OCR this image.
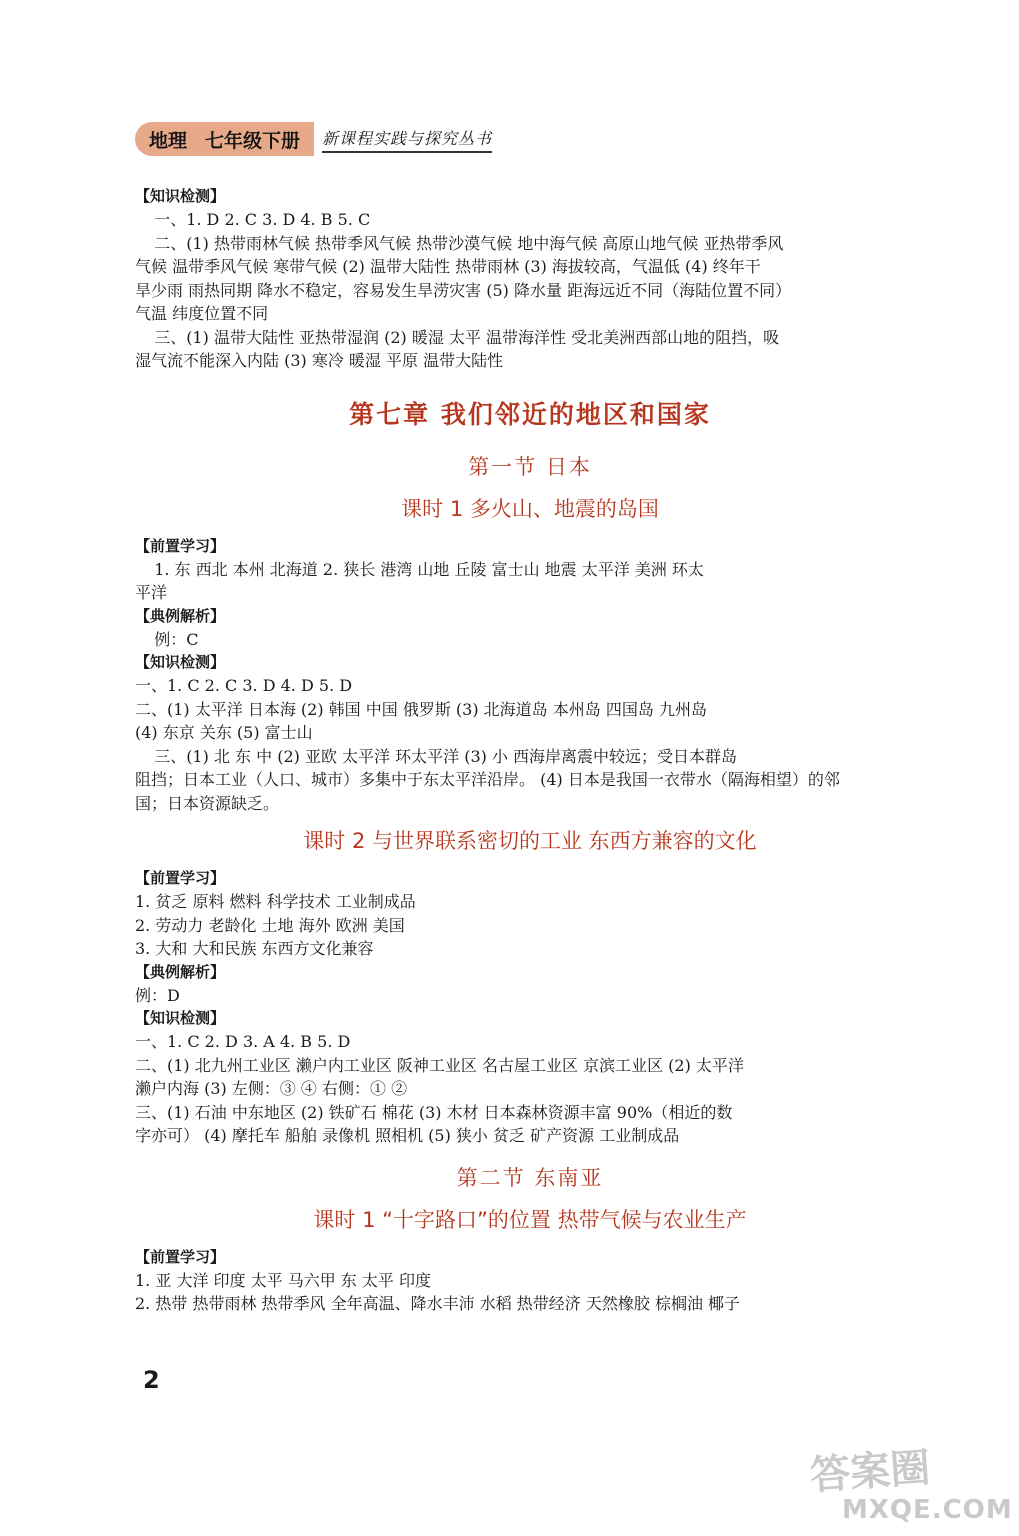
地理 七年级下册 新课程实践与探究丛书
【知识检测】
一、1. D 2. C 3. D 4. B 5. C
二、(1) 热带雨林气候 热带季风气候 热带沙漠气候 地中海气候 高原山地气候 亚热带季风
气候 温带季风气候 寒带气候 (2) 温带大陆性 热带雨林 (3) 海拔较高，气温低 (4) 终年干
旱少雨 雨热同期 降水不稳定，容易发生旱涝灾害 (5) 降水量 距海远近不同（海陆位置不同）
气温 纬度位置不同
三、(1) 温带大陆性 亚热带湿润 (2) 暖湿 太平 温带海洋性 受北美洲西部山地的阻挡，吸
湿气流不能深入内陆 (3) 寒冷 暖湿 平原 温带大陆性
第七章 我们邻近的地区和国家
第一节 日本
课时 1 多火山、地震的岛国
【前置学习】
1. 东 西北 本州 北海道 2. 狭长 港湾 山地 丘陵 富士山 地震 太平洋 美洲 环太
平洋
【典例解析】
例：C
【知识检测】
一、1. C 2. C 3. D 4. D 5. D
二、(1) 太平洋 日本海 (2) 韩国 中国 俄罗斯 (3) 北海道岛 本州岛 四国岛 九州岛
(4) 东京 关东 (5) 富士山
三、(1) 北 东 中 (2) 亚欧 太平洋 环太平洋 (3) 小 西海岸离震中较远；受日本群岛
阻挡；日本工业（人口、城市）多集中于东太平洋沿岸。 (4) 日本是我国一衣带水（隔海相望）的邻
国；日本资源缺乏。
课时 2 与世界联系密切的工业 东西方兼容的文化
【前置学习】
1. 贫乏 原料 燃料 科学技术 工业制成品
2. 劳动力 老龄化 土地 海外 欧洲 美国
3. 大和 大和民族 东西方文化兼容
【典例解析】
例：D
【知识检测】
一、1. C 2. D 3. A 4. B 5. D
二、(1) 北九州工业区 濑户内工业区 阪神工业区 名古屋工业区 京滨工业区 (2) 太平洋
濑户内海 (3) 左侧：③ ④ 右侧：① ②
三、(1) 石油 中东地区 (2) 铁矿石 棉花 (3) 木材 日本森林资源丰富 90%（相近的数
字亦可） (4) 摩托车 船舶 录像机 照相机 (5) 狭小 贫乏 矿产资源 工业制成品
第二节 东南亚
课时 1 “十字路口”的位置 热带气候与农业生产
【前置学习】
1. 亚 大洋 印度 太平 马六甲 东 太平 印度
2. 热带 热带雨林 热带季风 全年高温、降水丰沛 水稻 热带经济 天然橡胶 棕榈油 椰子
2
答案圈
MXQE.COM
